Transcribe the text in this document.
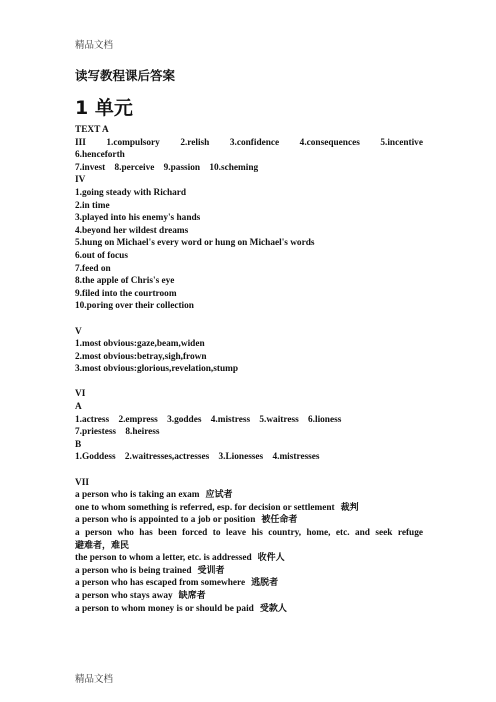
精品文档
读写教程课后答案
1 单元
TEXT A
III 1.compulsory 2.relish 3.confidence 4.consequences 5.incentive
6.henceforth
7.invest    8.perceive    9.passion    10.scheming
IV
1.going steady with Richard
2.in time
3.played into his enemy's hands
4.beyond her wildest dreams
5.hung on Michael's every word or hung on Michael's words
6.out of focus
7.feed on
8.the apple of Chris's eye
9.filed into the courtroom
10.poring over their collection
V
1.most obvious:gaze,beam,widen
2.most obvious:betray,sigh,frown
3.most obvious:glorious,revelation,stump
VI
A
1.actress    2.empress    3.goddes    4.mistress    5.waitress    6.lioness
7.priestess    8.heiress
B
1.Goddess    2.waitresses,actresses    3.Lionesses    4.mistresses
VII
a person who is taking an exam 应试者
one to whom something is referred, esp. for decision or settlement 裁判
a person who is appointed to a job or position 被任命者
a person who has been forced to leave his country, home, etc. and seek refuge
避难者，难民
the person to whom a letter, etc. is addressed 收件人
a person who is being trained 受训者
a person who has escaped from somewhere 逃脱者
a person who stays away 缺席者
a person to whom money is or should be paid 受款人
精品文档
